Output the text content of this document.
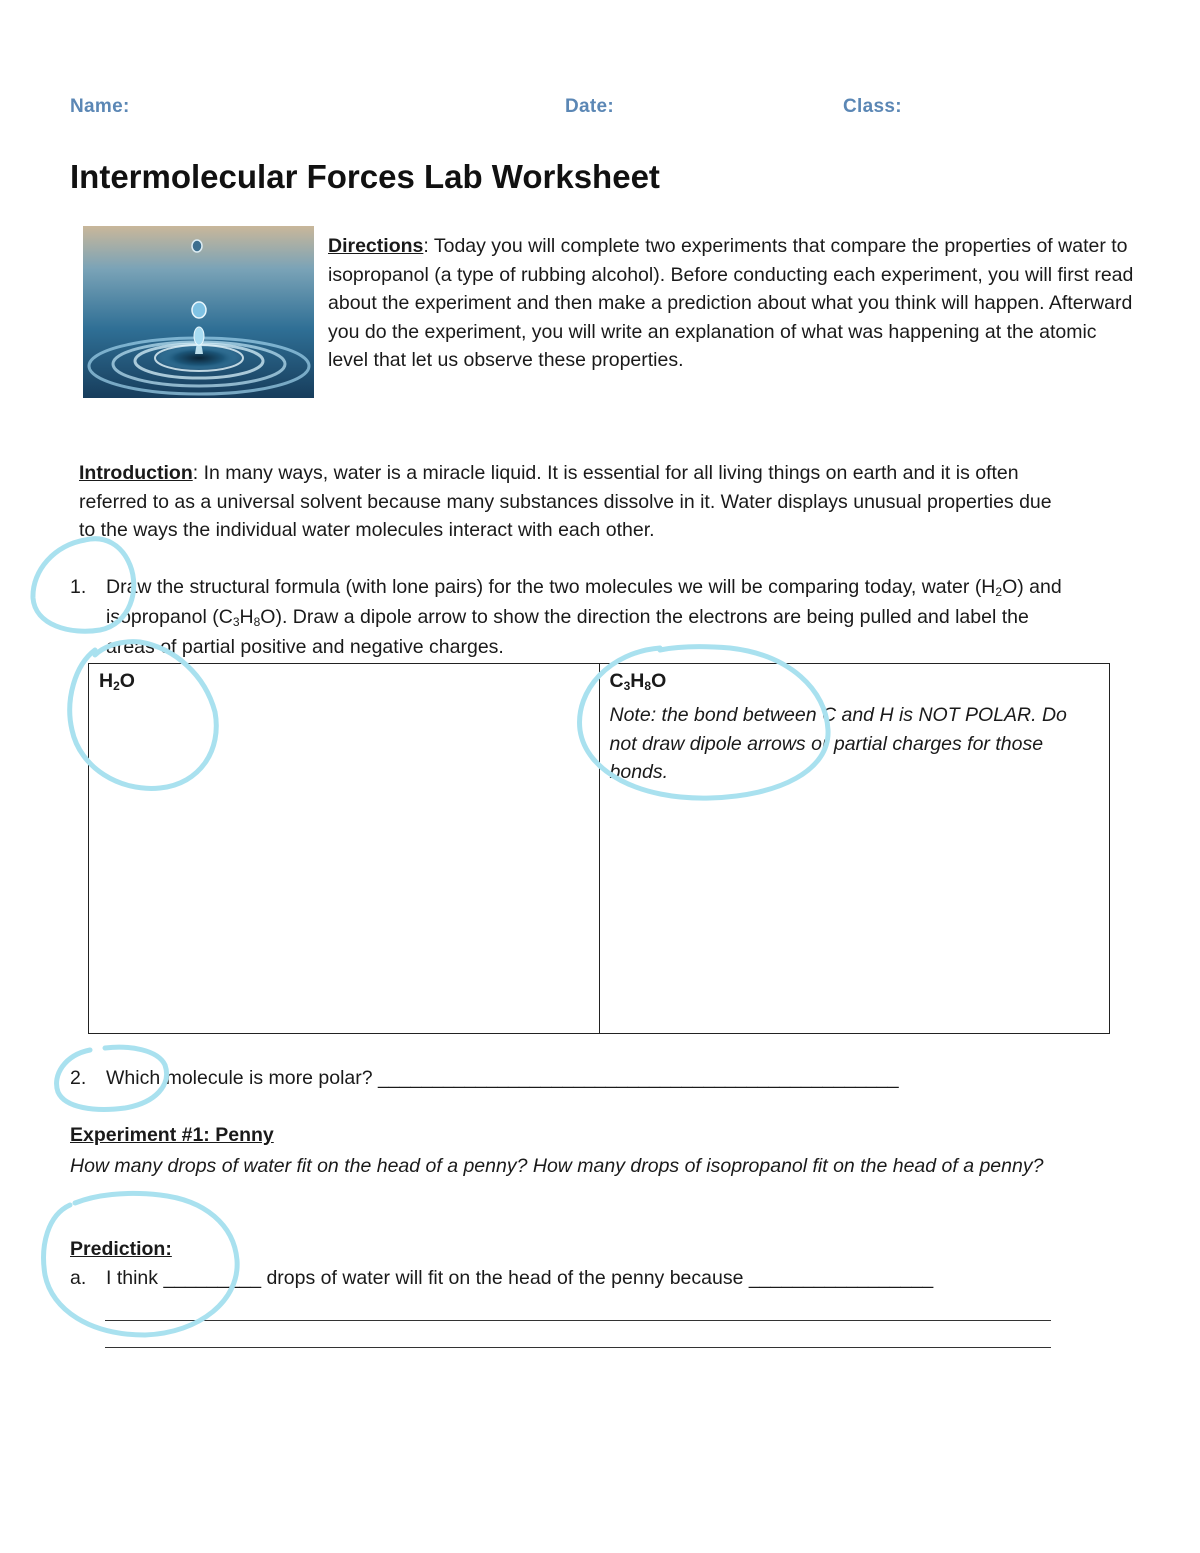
Name:	Date:	Class:
Intermolecular Forces Lab Worksheet
Directions: Today you will complete two experiments that compare the properties of water to isopropanol (a type of rubbing alcohol). Before conducting each experiment, you will first read about the experiment and then make a prediction about what you think will happen. Afterward you do the experiment, you will write an explanation of what was happening at the atomic level that let us observe these properties.
Introduction: In many ways, water is a miracle liquid. It is essential for all living things on earth and it is often referred to as a universal solvent because many substances dissolve in it. Water displays unusual properties due to the ways the individual water molecules interact with each other.
1. Draw the structural formula (with lone pairs) for the two molecules we will be comparing today, water $(H_2O)$ and isopropanol $(C_3H_8O)$. Draw a dipole arrow to show the direction the electrons are being pulled and label the areas of partial positive and negative charges.
$H_2O$	$C_3H_8O$
Note: the bond between C and H is NOT POLAR. Do not draw dipole arrows or partial charges for those bonds.
2. Which molecule is more polar? ________________________________________________
Experiment #1: Penny
How many drops of water fit on the head of a penny? How many drops of isopropanol fit on the head of a penny?
Prediction:
a. I think _________ drops of water will fit on the head of the penny because _________________
